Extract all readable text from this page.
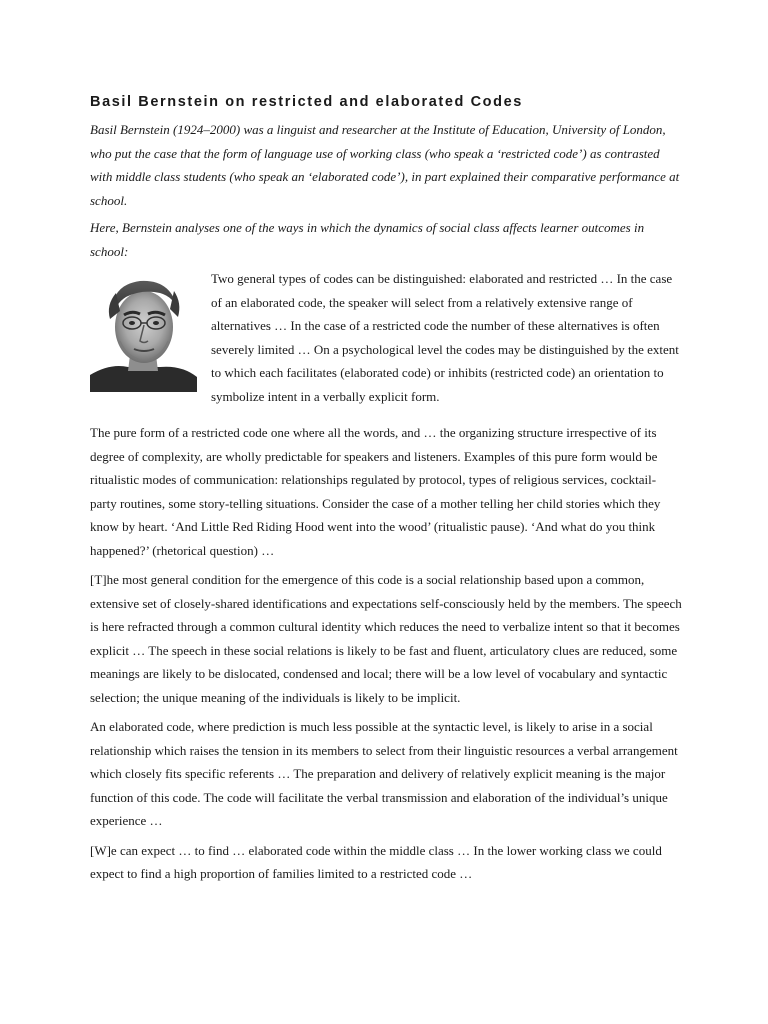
Basil Bernstein on restricted and elaborated Codes

Basil Bernstein (1924–2000) was a linguist and researcher at the Institute of Education, University of London, who put the case that the form of language use of working class (who speak a ‘restricted code’) as contrasted with middle class students (who speak an ‘elaborated code’), in part explained their comparative performance at school.

Here, Bernstein analyses one of the ways in which the dynamics of social class affects learner outcomes in school:

Two general types of codes can be distinguished: elaborated and restricted … In the case of an elaborated code, the speaker will select from a relatively extensive range of alternatives … In the case of a restricted code the number of these alternatives is often severely limited … On a psychological level the codes may be distinguished by the extent to which each facilitates (elaborated code) or inhibits (restricted code) an orientation to symbolize intent in a verbally explicit form.

The pure form of a restricted code one where all the words, and … the organizing structure irrespective of its degree of complexity, are wholly predictable for speakers and listeners. Examples of this pure form would be ritualistic modes of communication: relationships regulated by protocol, types of religious services, cocktail-party routines, some story-telling situations. Consider the case of a mother telling her child stories which they know by heart. ‘And Little Red Riding Hood went into the wood’ (ritualistic pause). ‘And what do you think happened?’ (rhetorical question) …

[T]he most general condition for the emergence of this code is a social relationship based upon a common, extensive set of closely-shared identifications and expectations self-consciously held by the members. The speech is here refracted through a common cultural identity which reduces the need to verbalize intent so that it becomes explicit … The speech in these social relations is likely to be fast and fluent, articulatory clues are reduced, some meanings are likely to be dislocated, condensed and local; there will be a low level of vocabulary and syntactic selection; the unique meaning of the individuals is likely to be implicit.

An elaborated code, where prediction is much less possible at the syntactic level, is likely to arise in a social relationship which raises the tension in its members to select from their linguistic resources a verbal arrangement which closely fits specific referents … The preparation and delivery of relatively explicit meaning is the major function of this code. The code will facilitate the verbal transmission and elaboration of the individual’s unique experience …

[W]e can expect … to find … elaborated code within the middle class … In the lower working class we could expect to find a high proportion of families limited to a restricted code …
